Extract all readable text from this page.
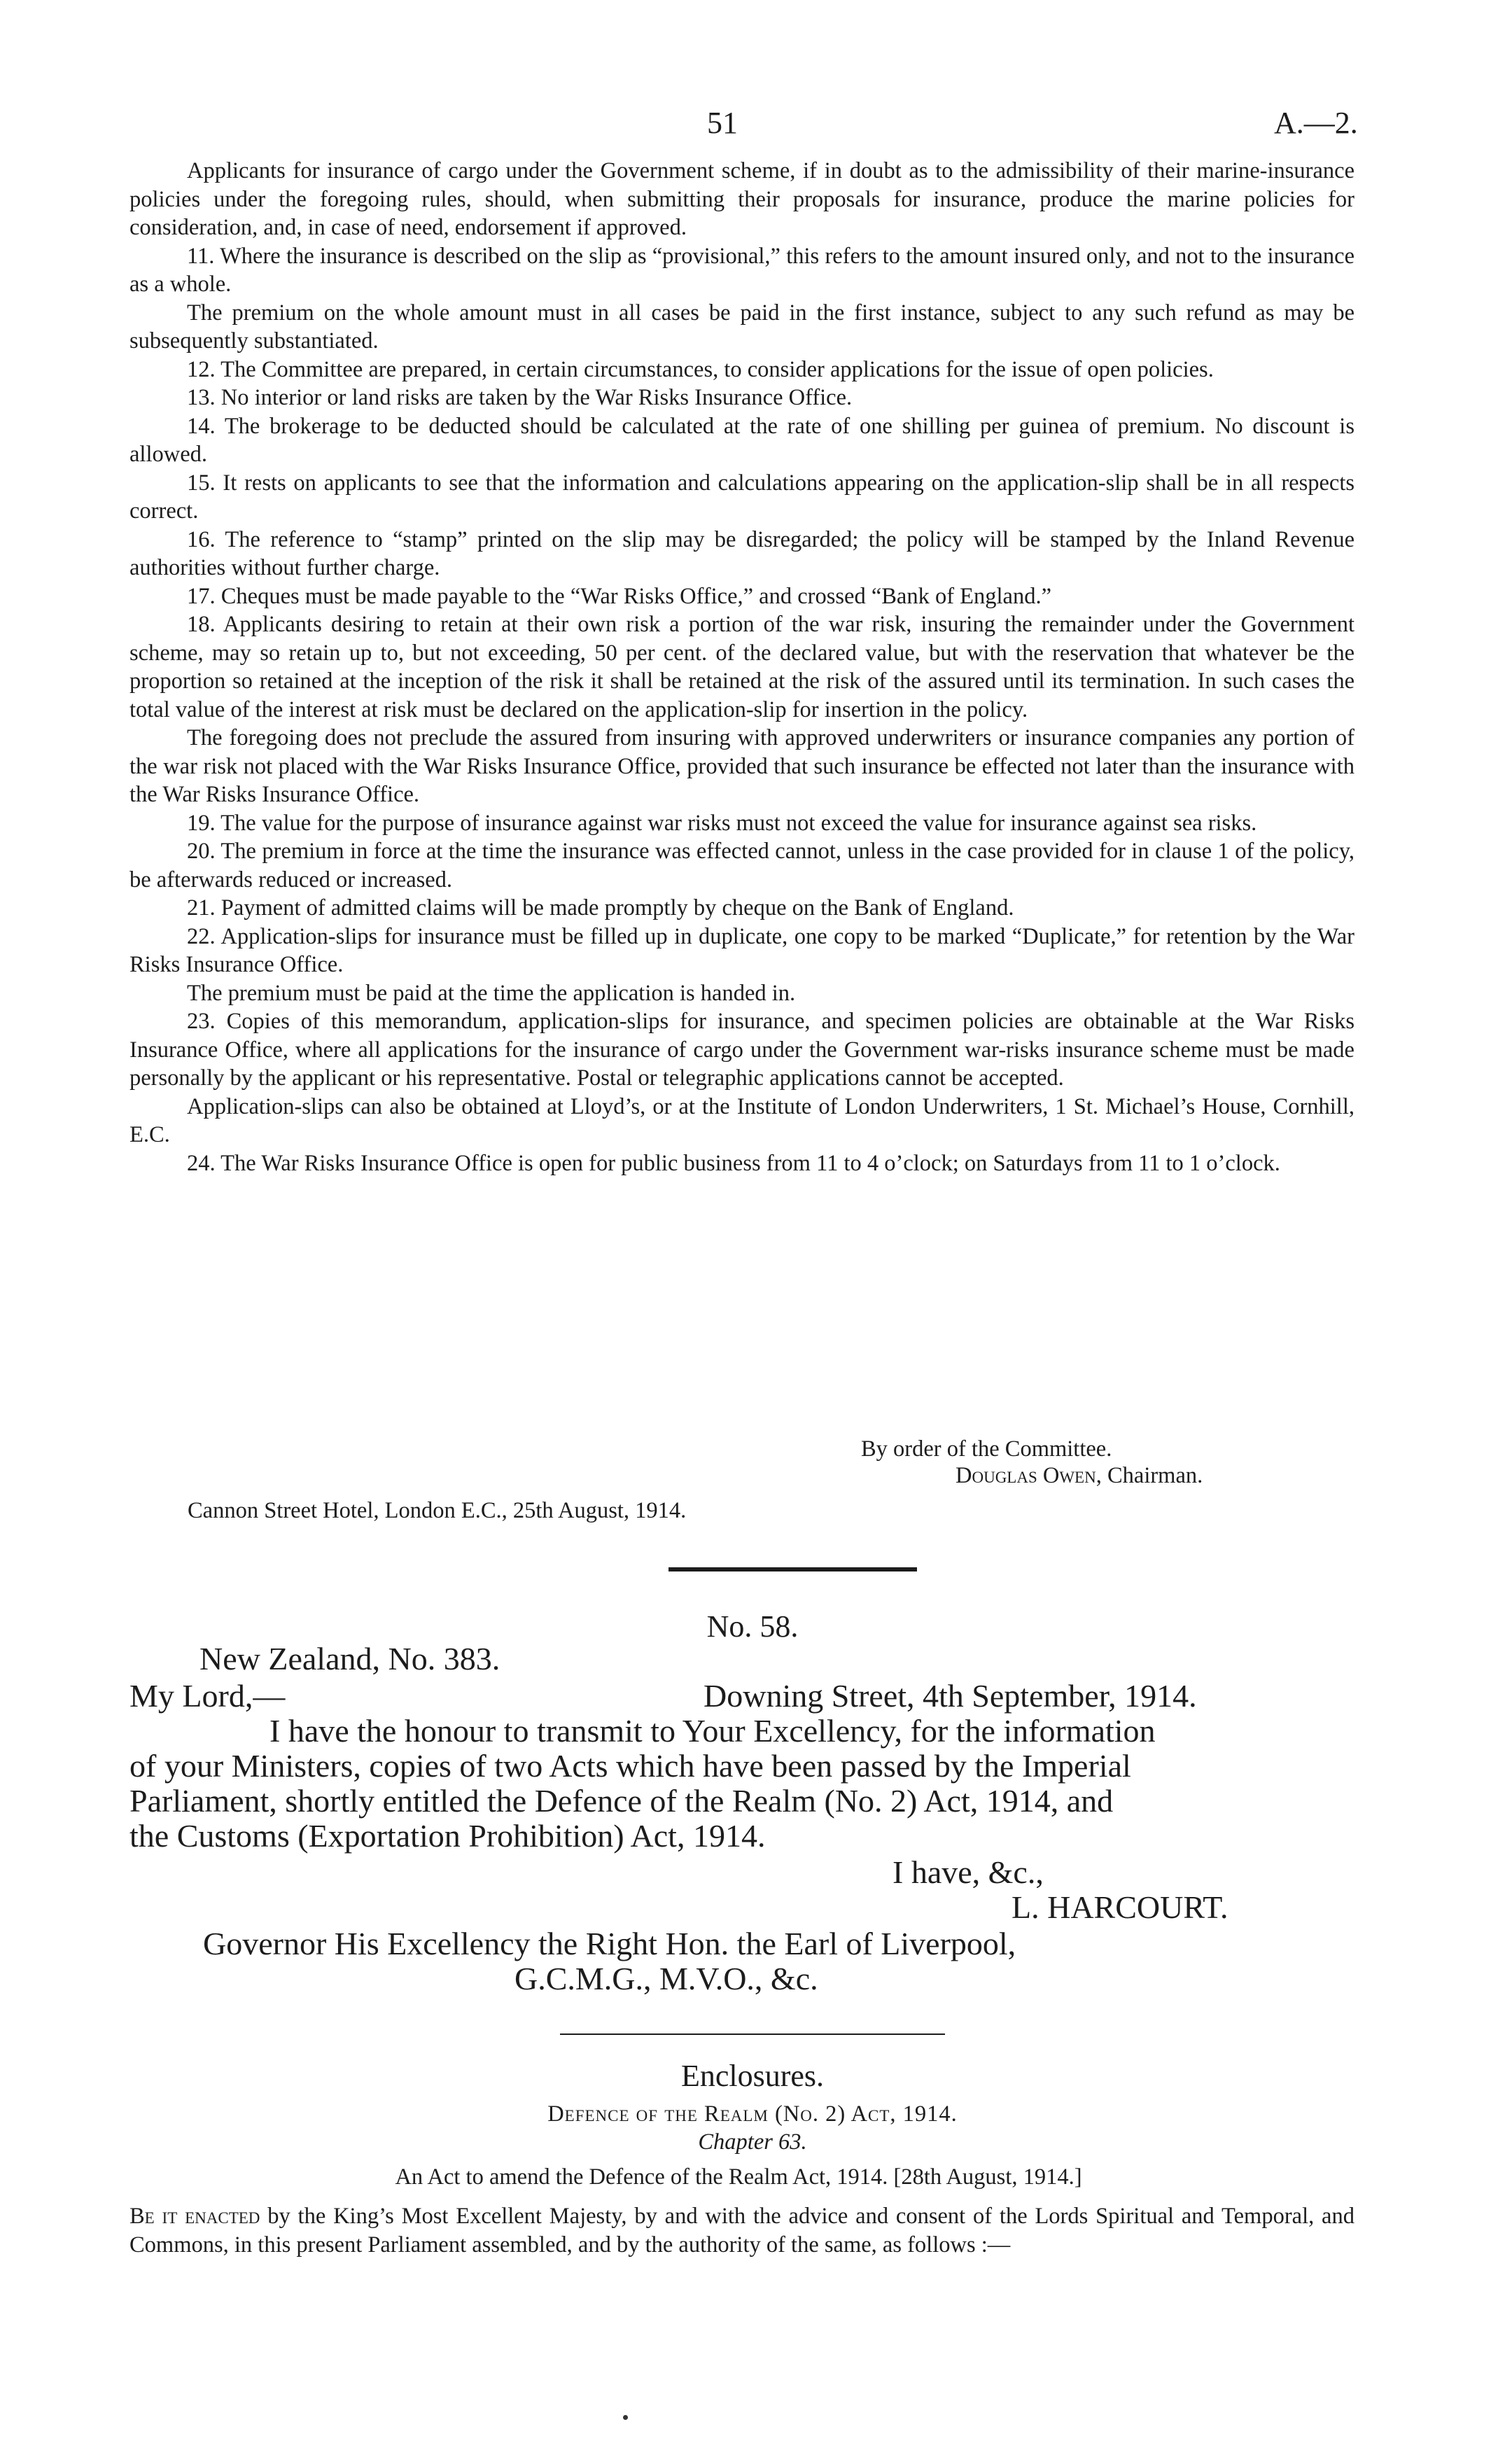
51	A.—2.

Applicants for insurance of cargo under the Government scheme, if in doubt as to the admissibility of their marine-insurance policies under the foregoing rules, should, when submitting their proposals for insurance, produce the marine policies for consideration, and, in case of need, endorsement if approved.

11. Where the insurance is described on the slip as “provisional,” this refers to the amount insured only, and not to the insurance as a whole.

The premium on the whole amount must in all cases be paid in the first instance, subject to any such refund as may be subsequently substantiated.

12. The Committee are prepared, in certain circumstances, to consider applications for the issue of open policies.

13. No interior or land risks are taken by the War Risks Insurance Office.

14. The brokerage to be deducted should be calculated at the rate of one shilling per guinea of premium. No discount is allowed.

15. It rests on applicants to see that the information and calculations appearing on the application-slip shall be in all respects correct.

16. The reference to “stamp” printed on the slip may be disregarded; the policy will be stamped by the Inland Revenue authorities without further charge.

17. Cheques must be made payable to the “War Risks Office,” and crossed “Bank of England.”

18. Applicants desiring to retain at their own risk a portion of the war risk, insuring the remainder under the Government scheme, may so retain up to, but not exceeding, 50 per cent. of the declared value, but with the reservation that whatever be the proportion so retained at the inception of the risk it shall be retained at the risk of the assured until its termination. In such cases the total value of the interest at risk must be declared on the application-slip for insertion in the policy.

The foregoing does not preclude the assured from insuring with approved underwriters or insurance companies any portion of the war risk not placed with the War Risks Insurance Office, provided that such insurance be effected not later than the insurance with the War Risks Insurance Office.

19. The value for the purpose of insurance against war risks must not exceed the value for insurance against sea risks.

20. The premium in force at the time the insurance was effected cannot, unless in the case provided for in clause 1 of the policy, be afterwards reduced or increased.

21. Payment of admitted claims will be made promptly by cheque on the Bank of England.

22. Application-slips for insurance must be filled up in duplicate, one copy to be marked “Duplicate,” for retention by the War Risks Insurance Office.

The premium must be paid at the time the application is handed in.

23. Copies of this memorandum, application-slips for insurance, and specimen policies are obtainable at the War Risks Insurance Office, where all applications for the insurance of cargo under the Government war-risks insurance scheme must be made personally by the applicant or his representative. Postal or telegraphic applications cannot be accepted.

Application-slips can also be obtained at Lloyd’s, or at the Institute of London Underwriters, 1 St. Michael’s House, Cornhill, E.C.

24. The War Risks Insurance Office is open for public business from 11 to 4 o’clock; on Saturdays from 11 to 1 o’clock.

By order of the Committee.
Douglas Owen, Chairman.
Cannon Street Hotel, London E.C., 25th August, 1914.
No. 58.
New Zealand, No. 383.
My Lord,—	Downing Street, 4th September, 1914.
I have the honour to transmit to Your Excellency, for the information
of your Ministers, copies of two Acts which have been passed by the Imperial
Parliament, shortly entitled the Defence of the Realm (No. 2) Act, 1914, and
the Customs (Exportation Prohibition) Act, 1914.
I have, &c.,
L. HARCOURT.
Governor His Excellency the Right Hon. the Earl of Liverpool,
G.C.M.G., M.V.O., &c.
Enclosures.
Defence of the Realm (No. 2) Act, 1914.
Chapter 63.
An Act to amend the Defence of the Realm Act, 1914. [28th August, 1914.]
Be it enacted by the King’s Most Excellent Majesty, by and with the advice and consent of the Lords Spiritual and Temporal, and Commons, in this present Parliament assembled, and by the authority of the same, as follows :—
